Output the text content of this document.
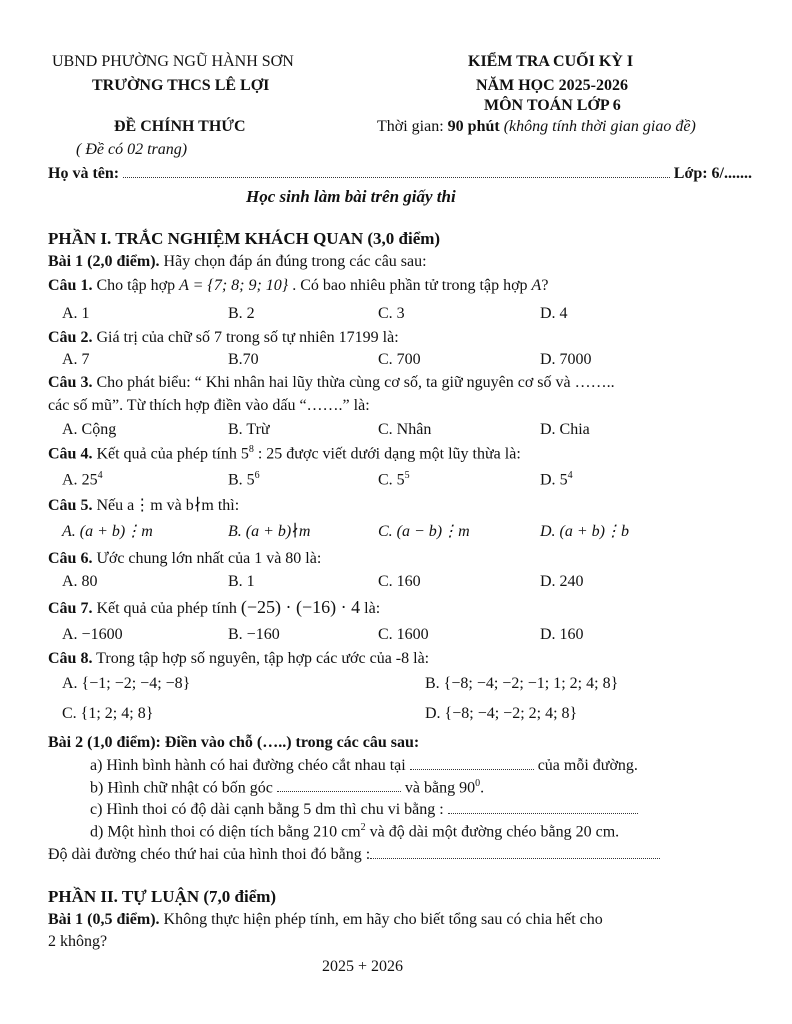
UBND PHƯỜNG NGŨ HÀNH SƠN
TRƯỜNG THCS LÊ LỢI
KIỂM TRA CUỐI KỲ I
NĂM HỌC 2025-2026
MÔN TOÁN LỚP 6
ĐỀ CHÍNH THỨC	Thời gian: 90 phút (không tính thời gian giao đề)
( Đề có 02 trang)
Họ và tên:	Lớp: 6/.......
Học sinh làm bài trên giấy thi
PHẦN I. TRẮC NGHIỆM KHÁCH QUAN (3,0 điểm)
Bài 1 (2,0 điểm). Hãy chọn đáp án đúng trong các câu sau:
Câu 1. Cho tập hợp A = {7; 8; 9; 10} . Có bao nhiêu phần tử trong tập hợp A?
A. 1	B. 2	C. 3	D. 4
Câu 2. Giá trị của chữ số 7 trong số tự nhiên 17199 là:
A. 7	B.70	C. 700	D. 7000
Câu 3. Cho phát biểu: “ Khi nhân hai lũy thừa cùng cơ số, ta giữ nguyên cơ số và ……..
các số mũ”. Từ thích hợp điền vào dấu “…….” là:
A. Cộng	B. Trừ	C. Nhân	D. Chia
Câu 4. Kết quả của phép tính $5^8$ : 25 được viết dưới dạng một lũy thừa là:
A. $25^4$	B. $5^6$	C. $5^5$	D. $5^4$
Câu 5. Nếu a⋮m và b∤m thì:
A. (a + b)⋮m	B. (a + b)∤m	C. (a − b)⋮m	D. (a + b)⋮b
Câu 6. Ước chung lớn nhất của 1 và 80 là:
A. 80	B. 1	C. 160	D. 240
Câu 7. Kết quả của phép tính (−25) · (−16) · 4 là:
A. −1600	B. −160	C. 1600	D. 160
Câu 8. Trong tập hợp số nguyên, tập hợp các ước của -8 là:
A. {−1; −2; −4; −8}	B. {−8; −4; −2; −1; 1; 2; 4; 8}
C. {1; 2; 4; 8}	D. {−8; −4; −2; 2; 4; 8}
Bài 2 (1,0 điểm): Điền vào chỗ (…..) trong các câu sau:
a) Hình bình hành có hai đường chéo cắt nhau tại	của mỗi đường.
b) Hình chữ nhật có bốn góc	và bằng $90^0$.
c) Hình thoi có độ dài cạnh bằng 5 dm thì chu vi bằng :
d) Một hình thoi có diện tích bằng 210 $cm^2$ và độ dài một đường chéo bằng 20 cm.
Độ dài đường chéo thứ hai của hình thoi đó bằng :
PHẦN II. TỰ LUẬN (7,0 điểm)
Bài 1 (0,5 điểm). Không thực hiện phép tính, em hãy cho biết tổng sau có chia hết cho
2 không?
2025 + 2026
